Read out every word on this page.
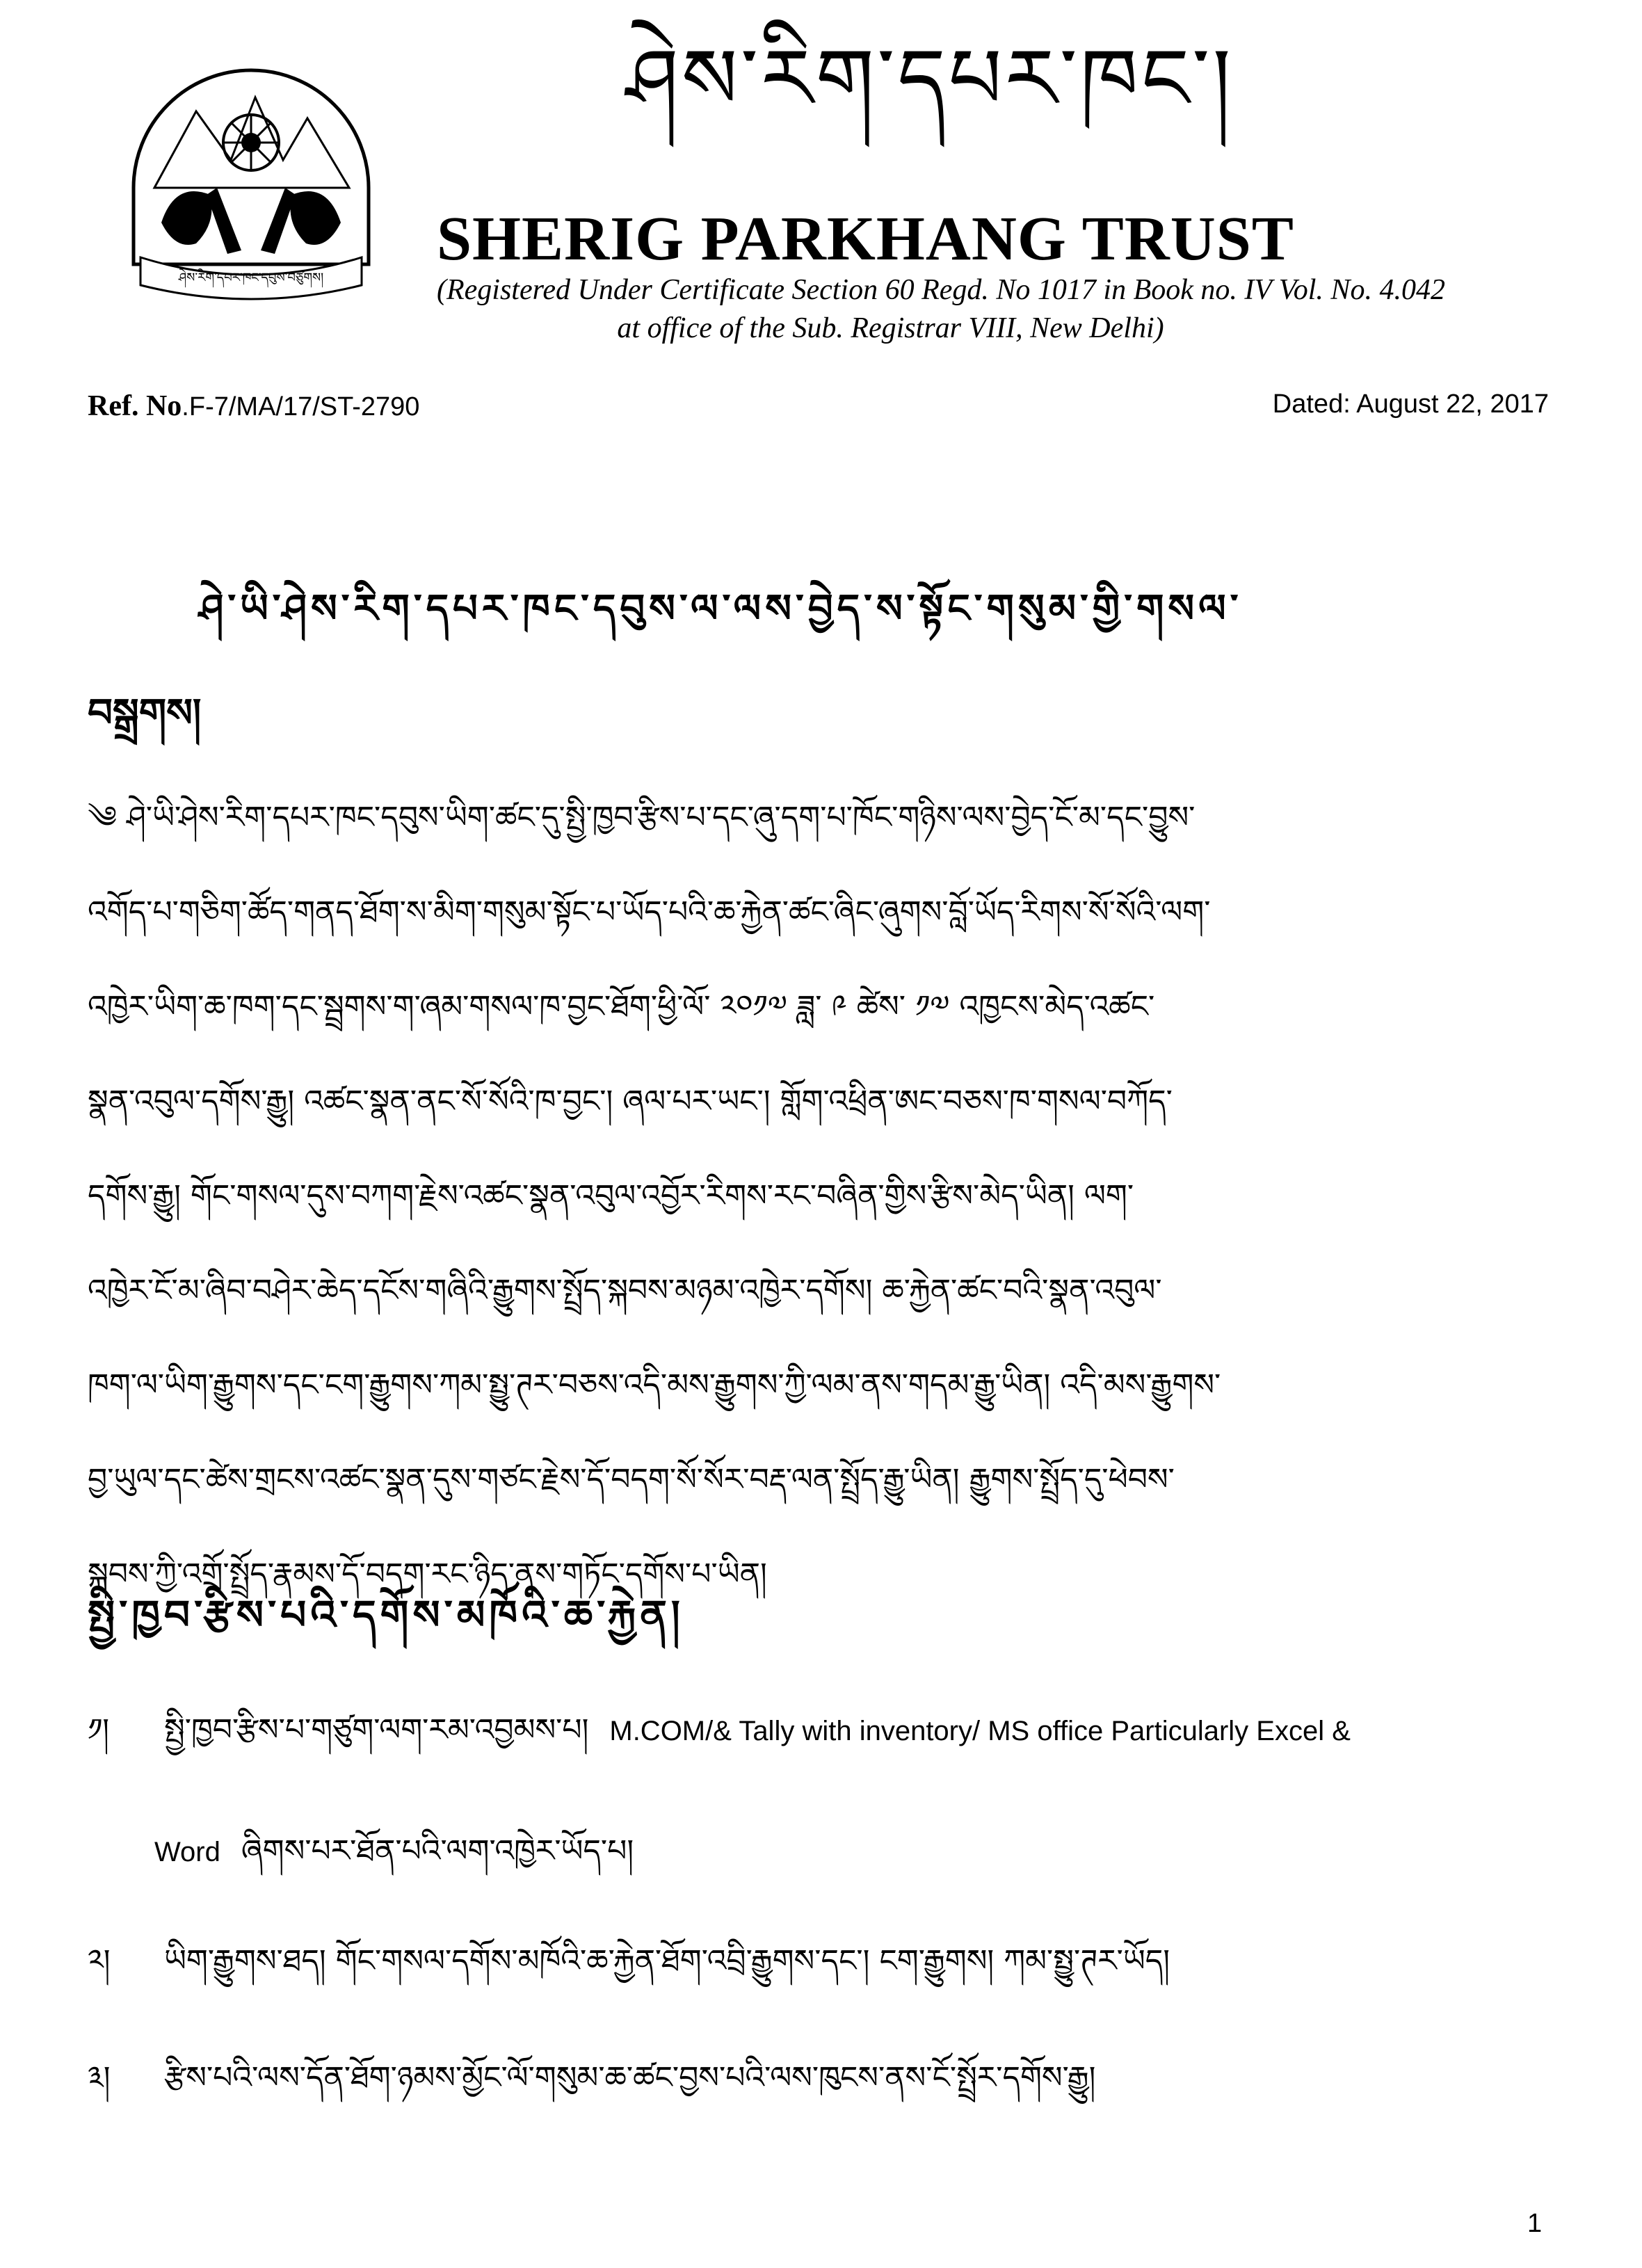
ཤེས་རིག་དཔར་ཁང་དབུས་བཙུགས།
ཤེས་རིག་དཔར་ཁང་།
SHERIG PARKHANG TRUST
(Registered Under Certificate Section 60 Regd. No 1017 in Book no. IV Vol. No. 4.042
at office of the Sub. Registrar VIII, New Delhi)
Ref. No.F-7/MA/17/ST-2790	Dated: August 22, 2017
ཤེ་ཡི་ཤེས་རིག་དཔར་ཁང་དབུས་ལ་ལས་བྱེད་ས་སྟོང་གསུམ་གྱི་གསལ་
བསྒྲགས།
༄ ཤེ་ཡི་ཤེས་རིག་དཔར་ཁང་དབུས་ཡིག་ཚང་དུ་སྤྱི་ཁྱབ་རྩིས་པ་དང་ཞུ་དག་པ་ཁོང་གཉིས་ལས་བྱེད་ངོ་མ་དང་བྱུས་
འགོད་པ་གཅིག་ཚོད་གནད་ཐོག་ས་མིག་གསུམ་སྟོང་པ་ཡོད་པའི་ཆ་རྐྱེན་ཚང་ཞིང་ཞུགས་བློ་ཡོད་རིགས་སོ་སོའི་ལག་
འཁྱེར་ཡིག་ཆ་ཁག་དང་སྦྲགས་ག་ཞམ་གསལ་ཁ་བྱང་ཐོག་ཕྱི་ལོ་ ༢༠༡༧ ཟླ་ ༩ ཚེས་ ༡༧ འཁྱངས་མེད་འཚང་
སྣན་འབུལ་དགོས་རྒྱུ། འཚང་སྣན་ནང་སོ་སོའི་ཁ་བྱང་། ཞལ་པར་ཡང་། གློག་འཕྲིན་ཨང་བཅས་ཁ་གསལ་བཀོད་
དགོས་རྒྱུ། གོང་གསལ་དུས་བཀག་རྗེས་འཚང་སྣན་འབུལ་འབྱོར་རིགས་རང་བཞིན་གྱིས་རྩིས་མེད་ཡིན། ལག་
འཁྱེར་ངོ་མ་ཞིབ་བཤེར་ཆེད་དངོས་གཞིའི་རྒྱུགས་སྤྲོད་སྐབས་མཉམ་འཁྱེར་དགོས། ཆ་རྐྱེན་ཚང་བའི་སྣན་འབུལ་
ཁག་ལ་ཡིག་རྒྱུགས་དང་ངག་རྒྱུགས་ཀམ་སྤྱུ་ཊར་བཅས་འདི་མས་རྒྱུགས་ཀྱི་ལམ་ནས་གདམ་རྒྱུ་ཡིན། འདི་མས་རྒྱུགས་
བྱ་ཡུལ་དང་ཚེས་གྲངས་འཚང་སྣན་དུས་གཙང་རྗེས་དོ་བདག་སོ་སོར་བརྡ་ལན་སྤྲོད་རྒྱུ་ཡིན། རྒྱུགས་སྤྲོད་དུ་ཕེབས་
སྐབས་ཀྱི་འགྲོ་སྤྲོད་རྣམས་དོ་བདག་རང་ཉིད་ནས་གཏོང་དགོས་པ་ཡིན།
སྤྱི་ཁྱབ་རྩིས་པའི་དགོས་མཁོའི་ཆ་རྐྱེན།
༡། སྤྱི་ཁྱབ་རྩིས་པ་གཙུག་ལག་རམ་འབྱམས་པ། M.COM/& Tally with inventory/ MS office Particularly Excel &
Word ཞིགས་པར་ཐོན་པའི་ལག་འཁྱེར་ཡོད་པ།
༢། ཡིག་རྒྱུགས་ཐད། གོང་གསལ་དགོས་མཁོའི་ཆ་རྐྱེན་ཐོག་འབྲི་རྒྱུགས་དང་། ངག་རྒྱུགས། ཀམ་སྤྱུ་ཊར་ཡོད།
༣། རྩིས་པའི་ལས་དོན་ཐོག་ཉམས་མྱོང་ལོ་གསུམ་ཆ་ཚང་བྱས་པའི་ལས་ཁུངས་ནས་ངོ་སྤྲོར་དགོས་རྒྱུ།
1
